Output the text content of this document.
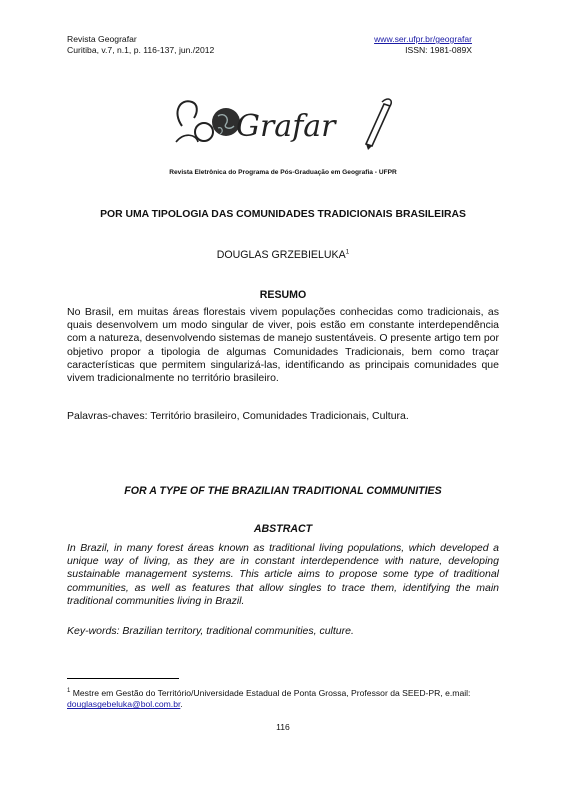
Revista Geografar
Curitiba, v.7, n.1, p. 116-137, jun./2012
www.ser.ufpr.br/geografar
ISSN: 1981-089X
Grafar
Revista Eletrônica do Programa de Pós-Graduação em Geografia - UFPR
POR UMA TIPOLOGIA DAS COMUNIDADES TRADICIONAIS BRASILEIRAS
DOUGLAS GRZEBIELUKA$^1$
RESUMO
No Brasil, em muitas áreas florestais vivem populações conhecidas como tradicionais, as quais desenvolvem um modo singular de viver, pois estão em constante interdependência com a natureza, desenvolvendo sistemas de manejo sustentáveis. O presente artigo tem por objetivo propor a tipologia de algumas Comunidades Tradicionais, bem como traçar características que permitem singularizá-las, identificando as principais comunidades que vivem tradicionalmente no território brasileiro.
Palavras-chaves: Território brasileiro, Comunidades Tradicionais, Cultura.
FOR A TYPE OF THE BRAZILIAN TRADITIONAL COMMUNITIES
ABSTRACT
In Brazil, in many forest áreas known as traditional living populations, which developed a unique way of living, as they are in constant interdependence with nature, developing sustainable management systems. This article aims to propose some type of traditional communities, as well as features that allow singles to trace them, identifying the main traditional communities living in Brazil.
Key-words: Brazilian territory, traditional communities, culture.
$^1$ Mestre em Gestão do Território/Universidade Estadual de Ponta Grossa, Professor da SEED-PR, e.mail: douglasgebeluka@bol.com.br.
116
